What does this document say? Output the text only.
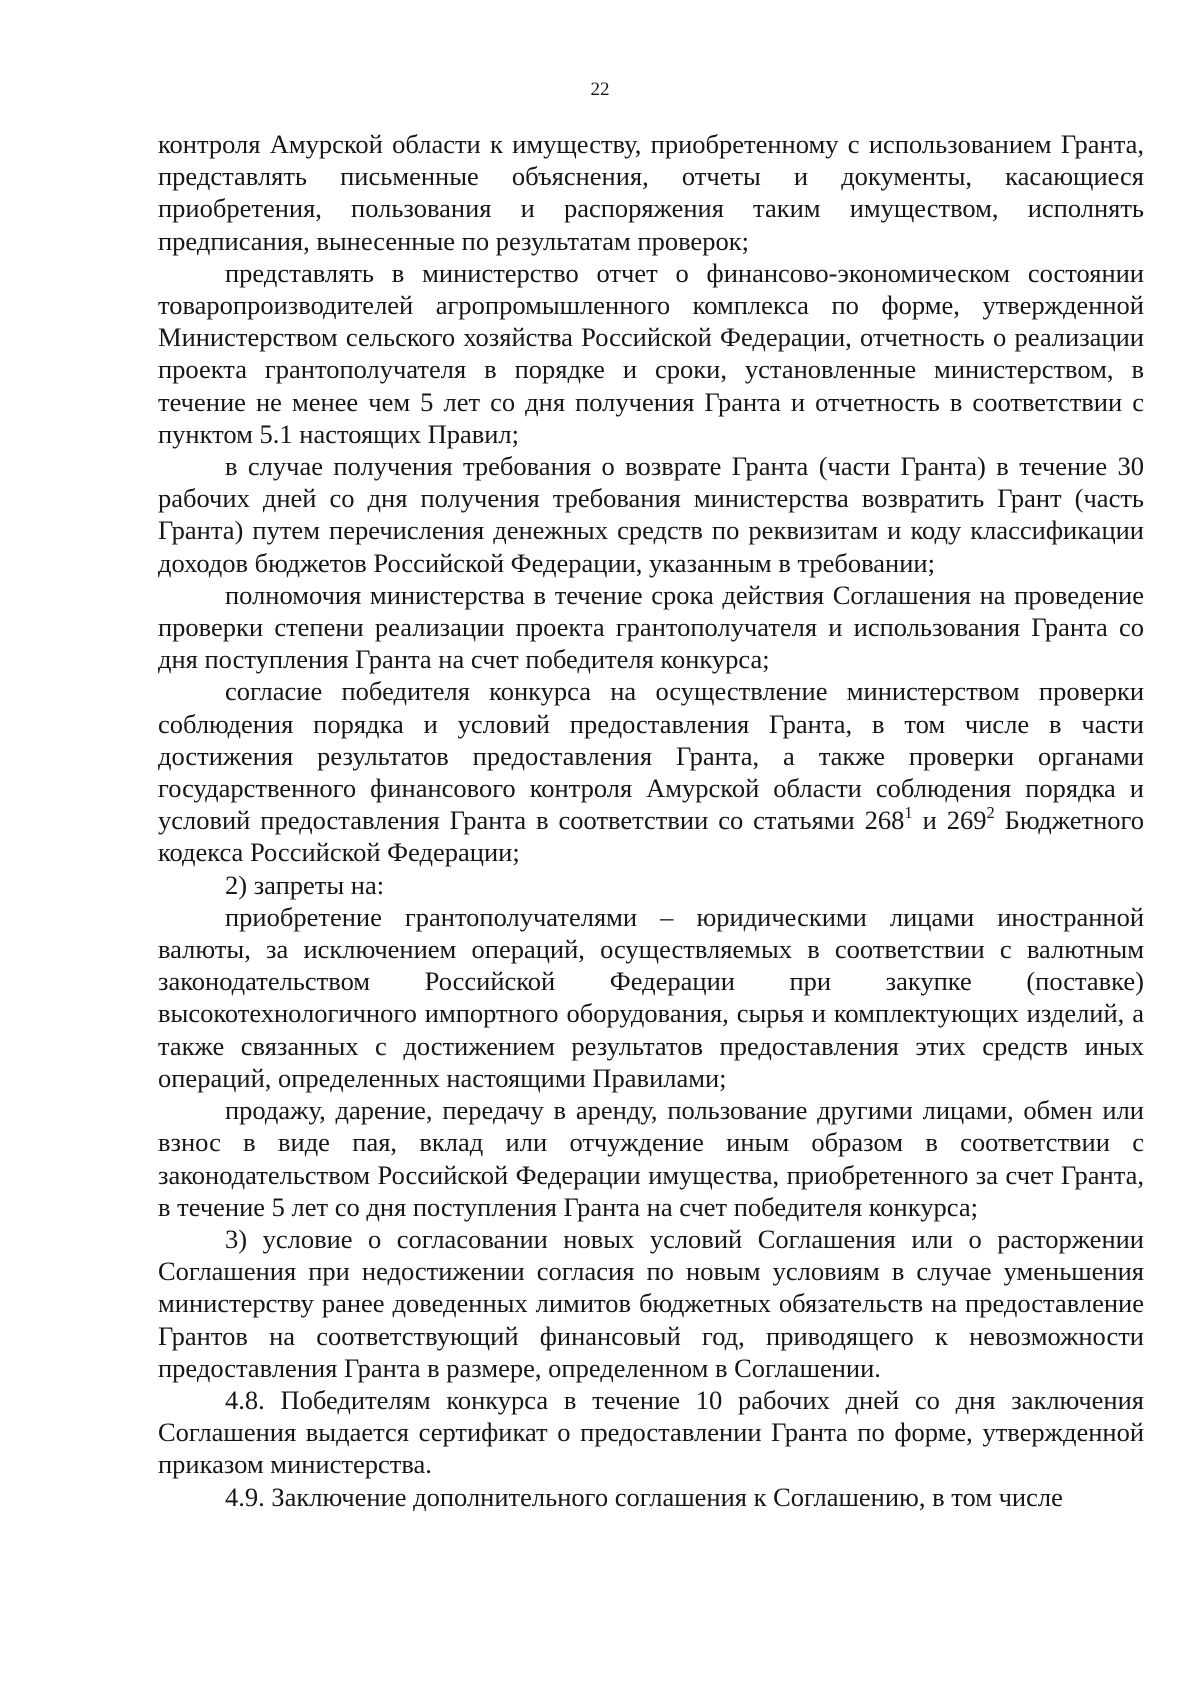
22

контроля Амурской области к имуществу, приобретенному с использованием Гранта, представлять письменные объяснения, отчеты и документы, касающиеся приобретения, пользования и распоряжения таким имуществом, исполнять предписания, вынесенные по результатам проверок;

представлять в министерство отчет о финансово-экономическом состоянии товаропроизводителей агропромышленного комплекса по форме, утвержденной Министерством сельского хозяйства Российской Федерации, отчетность о реализации проекта грантополучателя в порядке и сроки, установленные министерством, в течение не менее чем 5 лет со дня получения Гранта и отчетность в соответствии с пунктом 5.1 настоящих Правил;

в случае получения требования о возврате Гранта (части Гранта) в течение 30 рабочих дней со дня получения требования министерства возвратить Грант (часть Гранта) путем перечисления денежных средств по реквизитам и коду классификации доходов бюджетов Российской Федерации, указанным в требовании;

полномочия министерства в течение срока действия Соглашения на проведение проверки степени реализации проекта грантополучателя и использования Гранта со дня поступления Гранта на счет победителя конкурса;

согласие победителя конкурса на осуществление министерством проверки соблюдения порядка и условий предоставления Гранта, в том числе в части достижения результатов предоставления Гранта, а также проверки органами государственного финансового контроля Амурской области соблюдения порядка и условий предоставления Гранта в соответствии со статьями $268^1$ и $269^2$ Бюджетного кодекса Российской Федерации;

2) запреты на:

приобретение грантополучателями – юридическими лицами иностранной валюты, за исключением операций, осуществляемых в соответствии с валютным законодательством Российской Федерации при закупке (поставке) высокотехнологичного импортного оборудования, сырья и комплектующих изделий, а также связанных с достижением результатов предоставления этих средств иных операций, определенных настоящими Правилами;

продажу, дарение, передачу в аренду, пользование другими лицами, обмен или взнос в виде пая, вклад или отчуждение иным образом в соответствии с законодательством Российской Федерации имущества, приобретенного за счет Гранта, в течение 5 лет со дня поступления Гранта на счет победителя конкурса;

3) условие о согласовании новых условий Соглашения или о расторжении Соглашения при недостижении согласия по новым условиям в случае уменьшения министерству ранее доведенных лимитов бюджетных обязательств на предоставление Грантов на соответствующий финансовый год, приводящего к невозможности предоставления Гранта в размере, определенном в Соглашении.

4.8. Победителям конкурса в течение 10 рабочих дней со дня заключения Соглашения выдается сертификат о предоставлении Гранта по форме, утвержденной приказом министерства.

4.9. Заключение дополнительного соглашения к Соглашению, в том числе
